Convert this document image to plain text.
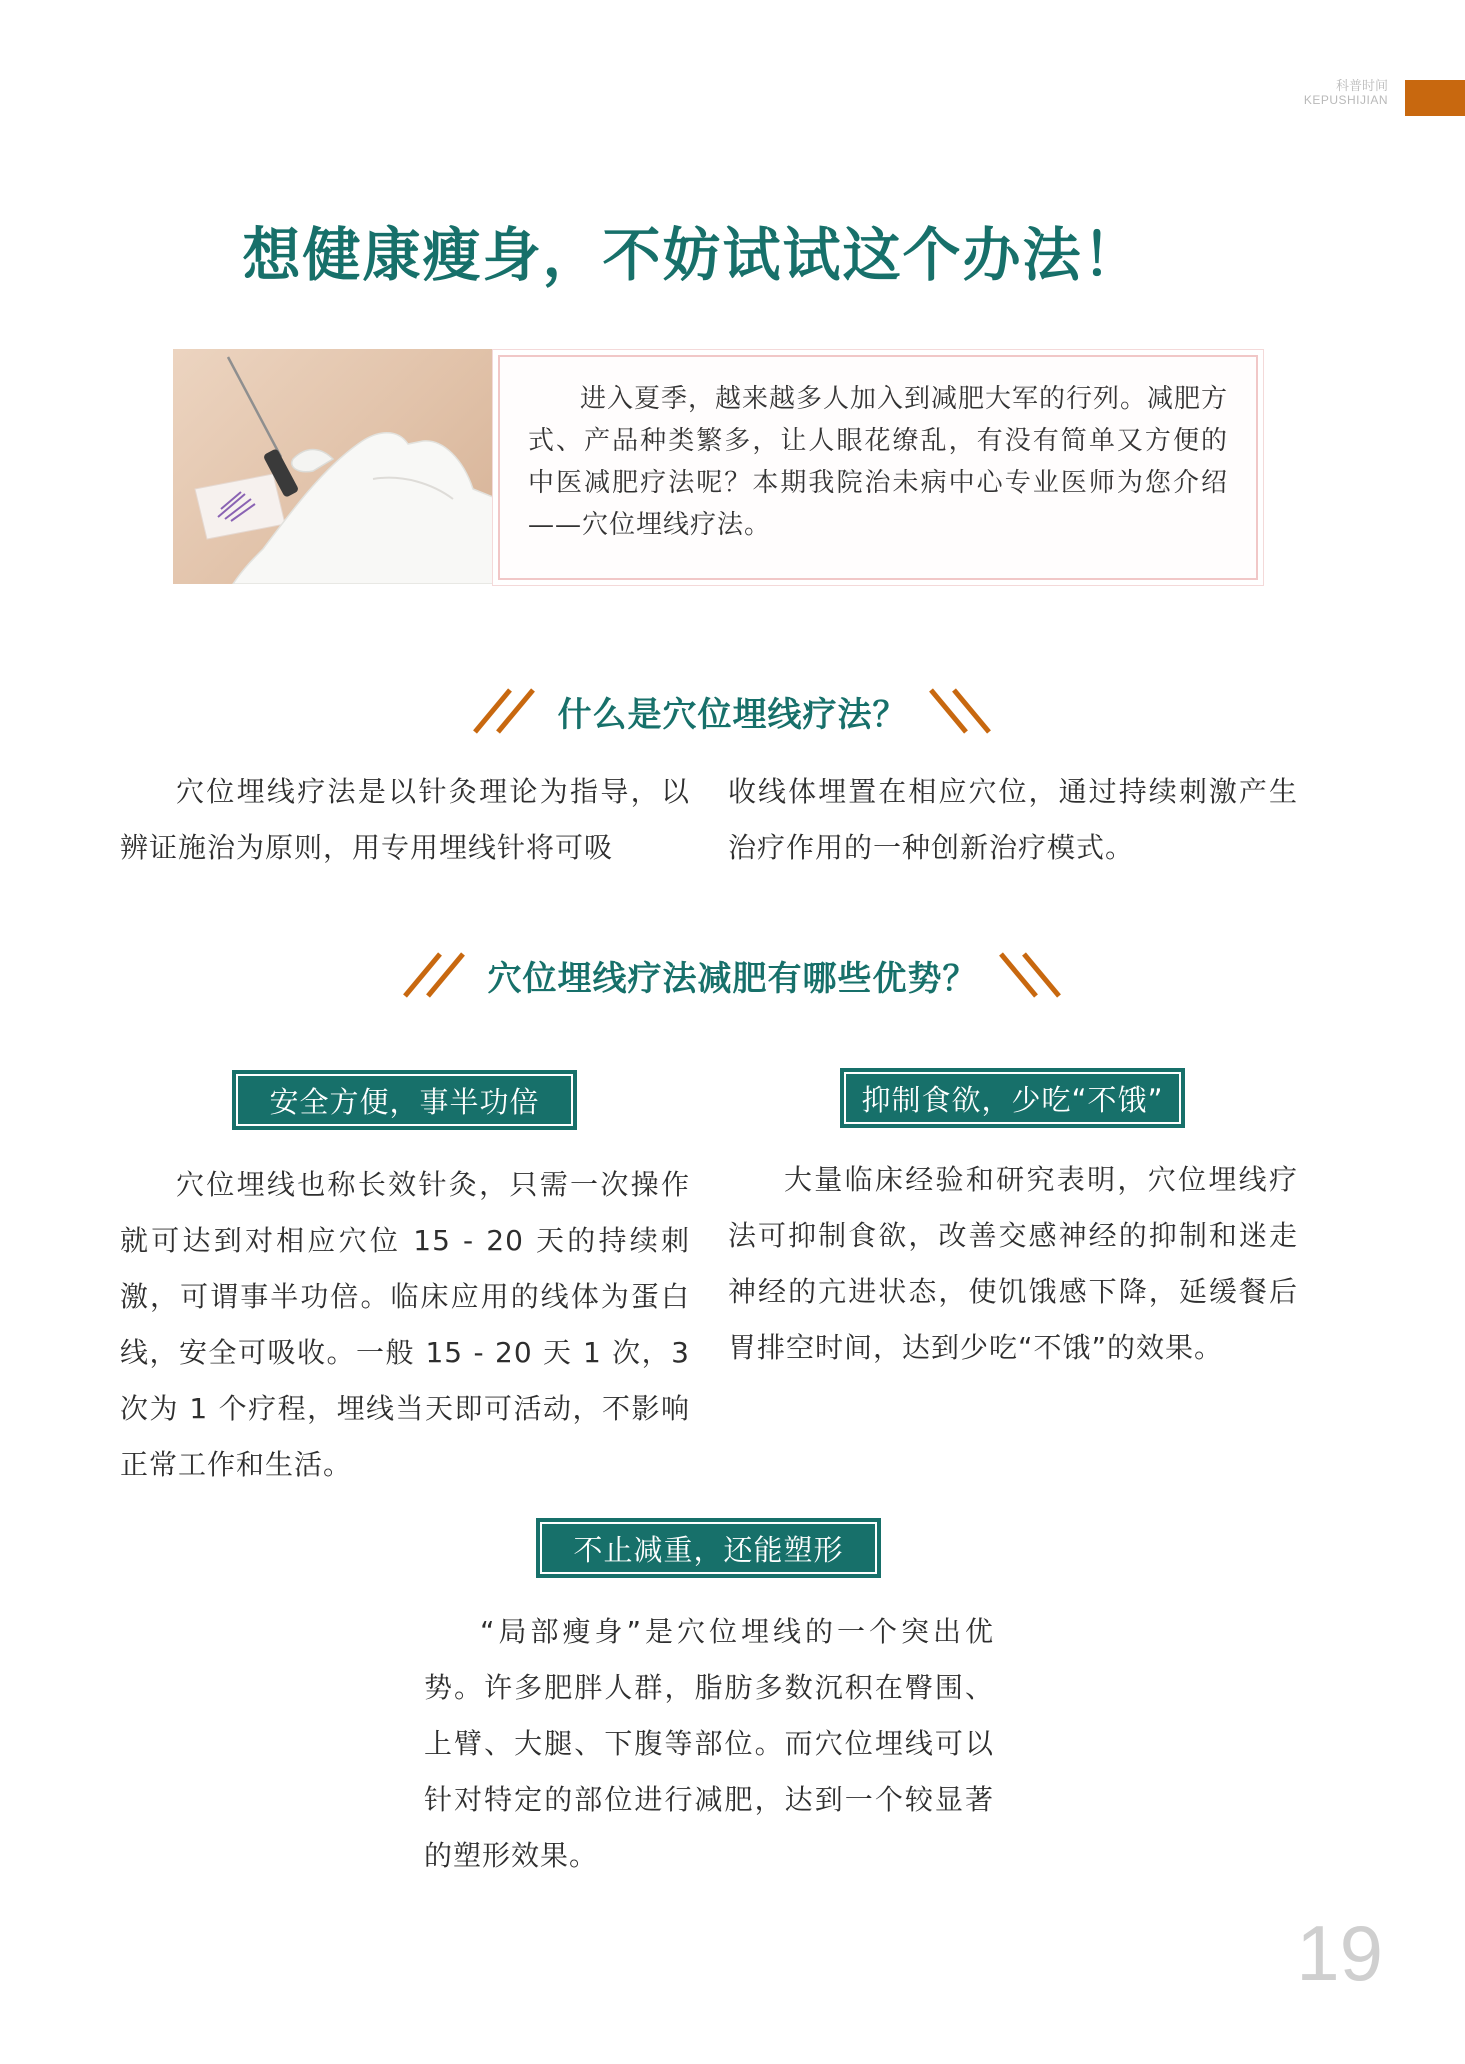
科普时间
KEPUSHIJIAN
想健康瘦身，不妨试试这个办法！
进入夏季，越来越多人加入到减肥大军的行列。减肥方式、产品种类繁多，让人眼花缭乱，有没有简单又方便的中医减肥疗法呢？本期我院治未病中心专业医师为您介绍——穴位埋线疗法。
什么是穴位埋线疗法？
穴位埋线疗法是以针灸理论为指导，以辨证施治为原则，用专用埋线针将可吸
收线体埋置在相应穴位，通过持续刺激产生治疗作用的一种创新治疗模式。
穴位埋线疗法减肥有哪些优势？
安全方便，事半功倍
穴位埋线也称长效针灸，只需一次操作就可达到对相应穴位 15 - 20 天的持续刺激，可谓事半功倍。临床应用的线体为蛋白线，安全可吸收。一般 15 - 20 天 1 次，3 次为 1 个疗程，埋线当天即可活动，不影响正常工作和生活。
抑制食欲，少吃“不饿”
大量临床经验和研究表明，穴位埋线疗法可抑制食欲，改善交感神经的抑制和迷走神经的亢进状态，使饥饿感下降，延缓餐后胃排空时间，达到少吃“不饿”的效果。
不止减重，还能塑形
“局部瘦身”是穴位埋线的一个突出优势。许多肥胖人群，脂肪多数沉积在臀围、上臂、大腿、下腹等部位。而穴位埋线可以针对特定的部位进行减肥，达到一个较显著的塑形效果。
19
